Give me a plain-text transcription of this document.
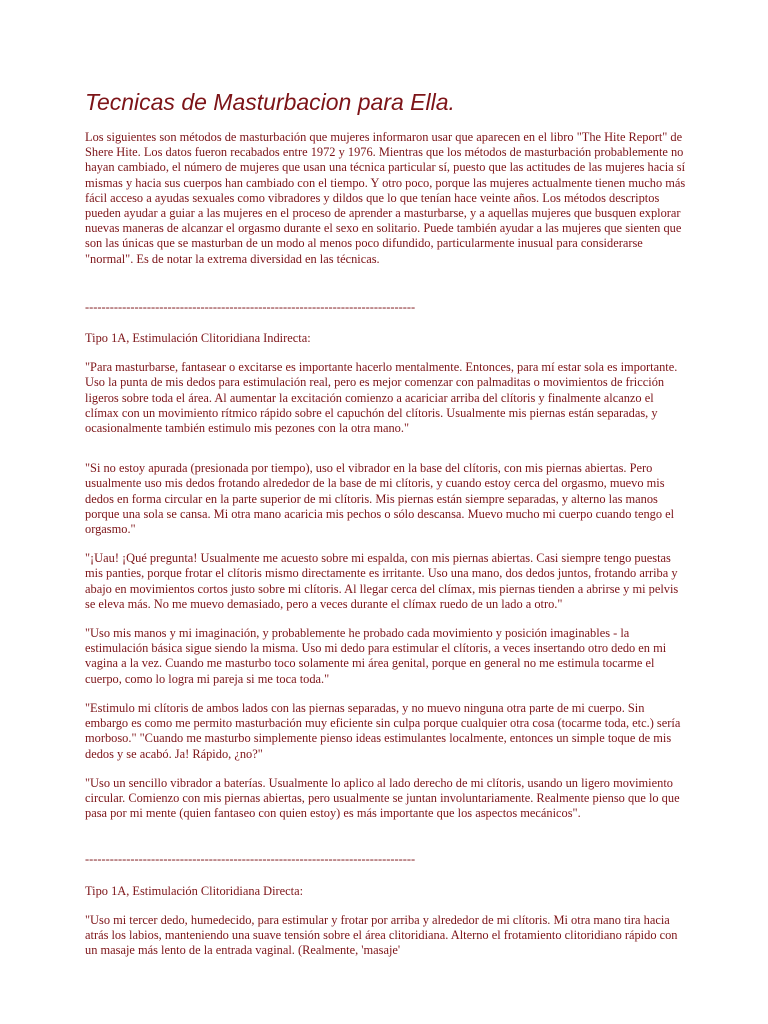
Tecnicas de Masturbacion para Ella.

Los siguientes son métodos de masturbación que mujeres informaron usar que aparecen en el libro "The Hite Report" de Shere Hite. Los datos fueron recabados entre 1972 y 1976. Mientras que los métodos de masturbación probablemente no hayan cambiado, el número de mujeres que usan una técnica particular sí, puesto que las actitudes de las mujeres hacia sí mismas y hacia sus cuerpos han cambiado con el tiempo. Y otro poco, porque las mujeres actualmente tienen mucho más fácil acceso a ayudas sexuales como vibradores y dildos que lo que tenían hace veinte años. Los métodos descriptos pueden ayudar a guiar a las mujeres en el proceso de aprender a masturbarse, y a aquellas mujeres que busquen explorar nuevas maneras de alcanzar el orgasmo durante el sexo en solitario. Puede también ayudar a las mujeres que sienten que son las únicas que se masturban de un modo al menos poco difundido, particularmente inusual para considerarse "normal". Es de notar la extrema diversidad en las técnicas.

--------------------------------------------------------------------------------

Tipo 1A, Estimulación Clitoridiana Indirecta:

"Para masturbarse, fantasear o excitarse es importante hacerlo mentalmente. Entonces, para mí estar sola es importante. Uso la punta de mis dedos para estimulación real, pero es mejor comenzar con palmaditas o movimientos de fricción ligeros sobre toda el área. Al aumentar la excitación comienzo a acariciar arriba del clítoris y finalmente alcanzo el clímax con un movimiento rítmico rápido sobre el capuchón del clítoris. Usualmente mis piernas están separadas, y ocasionalmente también estimulo mis pezones con la otra mano."

"Si no estoy apurada (presionada por tiempo), uso el vibrador en la base del clítoris, con mis piernas abiertas. Pero usualmente uso mis dedos frotando alrededor de la base de mi clítoris, y cuando estoy cerca del orgasmo, muevo mis dedos en forma circular en la parte superior de mi clítoris. Mis piernas están siempre separadas, y alterno las manos porque una sola se cansa. Mi otra mano acaricia mis pechos o sólo descansa. Muevo mucho mi cuerpo cuando tengo el orgasmo."

"¡Uau! ¡Qué pregunta! Usualmente me acuesto sobre mi espalda, con mis piernas abiertas. Casi siempre tengo puestas mis panties, porque frotar el clítoris mismo directamente es irritante. Uso una mano, dos dedos juntos, frotando arriba y abajo en movimientos cortos justo sobre mi clítoris. Al llegar cerca del clímax, mis piernas tienden a abrirse y mi pelvis se eleva más. No me muevo demasiado, pero a veces durante el clímax ruedo de un lado a otro."

"Uso mis manos y mi imaginación, y probablemente he probado cada movimiento y posición imaginables - la estimulación básica sigue siendo la misma. Uso mi dedo para estimular el clítoris, a veces insertando otro dedo en mi vagina a la vez. Cuando me masturbo toco solamente mi área genital, porque en general no me estimula tocarme el cuerpo, como lo logra mi pareja si me toca toda."

"Estimulo mi clítoris de ambos lados con las piernas separadas, y no muevo ninguna otra parte de mi cuerpo. Sin embargo es como me permito masturbación muy eficiente sin culpa porque cualquier otra cosa (tocarme toda, etc.) sería morboso." "Cuando me masturbo simplemente pienso ideas estimulantes localmente, entonces un simple toque de mis dedos y se acabó. Ja! Rápido, ¿no?"

"Uso un sencillo vibrador a baterías. Usualmente lo aplico al lado derecho de mi clítoris, usando un ligero movimiento circular. Comienzo con mis piernas abiertas, pero usualmente se juntan involuntariamente. Realmente pienso que lo que pasa por mi mente (quien fantaseo con quien estoy) es más importante que los aspectos mecánicos".

--------------------------------------------------------------------------------

Tipo 1A, Estimulación Clitoridiana Directa:

"Uso mi tercer dedo, humedecido, para estimular y frotar por arriba y alrededor de mi clítoris. Mi otra mano tira hacia atrás los labios, manteniendo una suave tensión sobre el área clitoridiana. Alterno el frotamiento clitoridiano rápido con un masaje más lento de la entrada vaginal. (Realmente, 'masaje'
